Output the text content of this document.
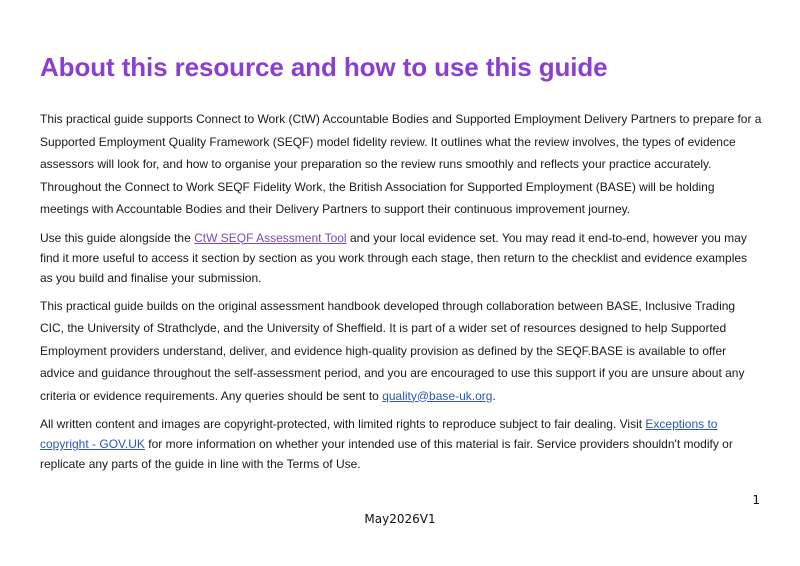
About this resource and how to use this guide

This practical guide supports Connect to Work (CtW) Accountable Bodies and Supported Employment Delivery Partners to prepare for a Supported Employment Quality Framework (SEQF) model fidelity review. It outlines what the review involves, the types of evidence assessors will look for, and how to organise your preparation so the review runs smoothly and reflects your practice accurately. Throughout the Connect to Work SEQF Fidelity Work, the British Association for Supported Employment (BASE) will be holding meetings with Accountable Bodies and their Delivery Partners to support their continuous improvement journey.

Use this guide alongside the CtW SEQF Assessment Tool and your local evidence set. You may read it end-to-end, however you may find it more useful to access it section by section as you work through each stage, then return to the checklist and evidence examples as you build and finalise your submission.

This practical guide builds on the original assessment handbook developed through collaboration between BASE, Inclusive Trading CIC, the University of Strathclyde, and the University of Sheffield. It is part of a wider set of resources designed to help Supported Employment providers understand, deliver, and evidence high-quality provision as defined by the SEQF.BASE is available to offer advice and guidance throughout the self-assessment period, and you are encouraged to use this support if you are unsure about any criteria or evidence requirements. Any queries should be sent to quality@base-uk.org.

All written content and images are copyright-protected, with limited rights to reproduce subject to fair dealing. Visit Exceptions to copyright - GOV.UK for more information on whether your intended use of this material is fair. Service providers shouldn't modify or replicate any parts of the guide in line with the Terms of Use.

1
May2026V1
